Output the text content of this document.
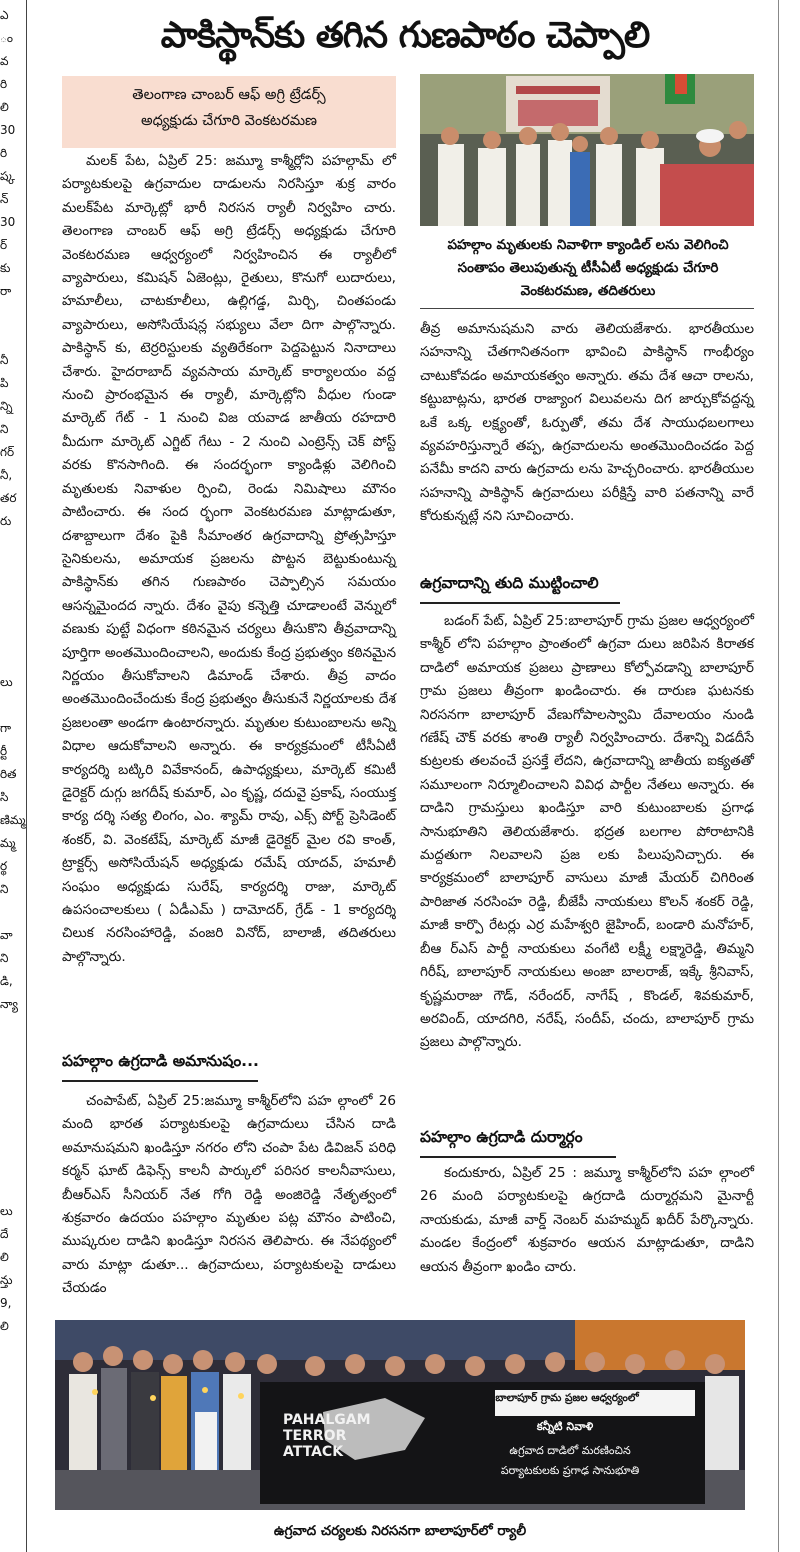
ఎ
ం
వ
రి
లి
30
రి
ష్క
న్
30
ర్
కు
రా

నీ
పి
న్ని
ని
గర్
నీ,
తర
రు

లు

గా
ర్టీ
రిత
సి
ణిమ్మ
మ్మ
ర్థ
ని

వా
ని
డి,
న్యా

లు
దే
లి
న్తు
9,
లి
పాకిస్థాన్‌కు తగిన గుణపాఠం చెప్పాలి
తెలంగాణ చాంబర్ ఆఫ్ అగ్రి ట్రేడర్స్
అధ్యక్షుడు చేగూరి వెంకటరమణ
మలక్ పేట, ఏప్రిల్ 25: జమ్మూ కాశ్మీర్లోని పహల్గామ్ లో పర్యాటకులపై ఉగ్రవాదుల దాడులను నిరసిస్తూ శుక్ర వారం మలక్‌పేట మార్కెట్లో భారీ నిరసన ర్యాలీ నిర్వహిం చారు. తెలంగాణ చాంబర్ ఆఫ్ అగ్రి ట్రేడర్స్ అధ్యక్షుడు చేగూరి వెంకటరమణ ఆధ్వర్యంలో నిర్వహించిన ఈ ర్యాలీలో వ్యాపారులు, కమిషన్ ఏజెంట్లు, రైతులు, కొనుగో లుదారులు, హమాలీలు, చాటకూలీలు, ఉల్లిగడ్డ, మిర్చి, చింతపండు వ్యాపారులు, అసోసియేషన్ల సభ్యులు వేలా దిగా పాల్గొన్నారు. పాకిస్థాన్ కు, టెర్రరిస్టులకు వ్యతిరేకంగా పెద్దపెట్టున నినాదాలు చేశారు. హైదరాబాద్ వ్యవసాయ మార్కెట్ కార్యాలయం వద్ద నుంచి ప్రారంభమైన ఈ ర్యాలీ, మార్కెట్లోని వీధుల గుండా మార్కెట్ గేట్ - 1 నుంచి విజ యవాడ జాతీయ రహదారి మీదుగా మార్కెట్ ఎగ్జిట్ గేటు - 2 నుంచి ఎంట్రెన్స్ చెక్ పోస్ట్ వరకు కొనసాగింది. ఈ సందర్భంగా క్యాండిళ్లు వెలిగించి మృతులకు నివాళుల ర్పించి, రెండు నిమిషాలు మౌనం పాటించారు. ఈ సంద ర్భంగా వెంకటరమణ మాట్లాడుతూ, దశాబ్దాలుగా దేశం పైకి సీమాంతర ఉగ్రవాదాన్ని ప్రోత్సహిస్తూ సైనికులను, అమాయక ప్రజలను పొట్టన బెట్టుకుంటున్న పాకిస్థాన్‌కు తగిన గుణపాఠం చెప్పాల్సిన సమయం ఆసన్నమైందద న్నారు. దేశం వైపు కన్నెత్తి చూడాలంటే వెన్నులో వణుకు పుట్టే విధంగా కఠినమైన చర్యలు తీసుకొని తీవ్రవాదాన్ని పూర్తిగా అంతమొందించాలని, అందుకు కేంద్ర ప్రభుత్వం కఠినమైన నిర్ణయం తీసుకోవాలని డిమాండ్ చేశారు. తీవ్ర వాదం అంతమొందించేందుకు కేంద్ర ప్రభుత్వం తీసుకునే నిర్ణయాలకు దేశ ప్రజలంతా అండగా ఉంటారన్నారు. మృతుల కుటుంబాలను అన్ని విధాల ఆదుకోవాలని అన్నారు. ఈ కార్యక్రమంలో టీసీఏటీ కార్యదర్శి బట్కిరి వివేకానంద్, ఉపాధ్యక్షులు, మార్కెట్ కమిటీ డైరెక్టర్ దుగ్గు జగదీష్ కుమార్, ఎం కృష్ణ, దదువై ప్రకాష్, సంయుక్త కార్య దర్శి సత్య లింగం, ఎం. శ్యామ్ రావు, ఎక్స్ పోర్ట్ ప్రెసిడెంట్ శంకర్, వి. వెంకటేష్, మార్కెట్ మాజీ డైరెక్టర్ మైల రవి కాంత్, ట్రాక్టర్స్ అసోసియేషన్ అధ్యక్షుడు రమేష్ యాదవ్, హమాలీ సంఘం అధ్యక్షుడు సురేష్, కార్యదర్శి రాజు, మార్కెట్ ఉపసంచాలకులు ( ఏడీఎమ్ ) దామోదర్, గ్రేడ్ - 1 కార్యదర్శి చిలుక నరసింహారెడ్డి, వంజరి వినోద్, బాలాజీ, తదితరులు పాల్గొన్నారు.
పహల్గాం ఉగ్రదాడి అమానుషం...
చంపాపేట్, ఏప్రిల్ 25:జమ్మూ కాశ్మీర్‌లోని పహ ల్గాంలో 26 మంది భారత పర్యాటకులపై ఉగ్రవాదులు చేసిన దాడి అమానుషమని ఖండిస్తూ నగరం లోని చంపా పేట డివిజన్ పరిధి కర్మన్ ఘాట్ డిఫెన్స్ కాలనీ పార్కులో పరిసర కాలనీవాసులు, బీఆర్ఎస్ సీనియర్ నేత గోగి రెడ్డి అంజిరెడ్డి నేతృత్వంలో శుక్రవారం ఉదయం పహల్గాం మృతుల పట్ల మౌనం పాటించి, ముష్కరుల దాడిని ఖండిస్తూ నిరసన తెలిపారు. ఈ నేపథ్యంలో వారు మాట్లా డుతూ... ఉగ్రవాదులు, పర్యాటకులపై దాడులు చేయడం
పహల్గాం మృతులకు నివాళిగా క్యాండిల్ లను వెలిగించి సంతాపం తెలుపుతున్న టీసీఏటీ అధ్యక్షుడు చేగూరి వెంకటరమణ, తదితరులు
తీవ్ర అమానుషమని వారు తెలియజేశారు. భారతీయుల సహనాన్ని చేతగానితనంగా భావించి పాకిస్థాన్ గాంభీర్యం చాటుకోవడం అమాయకత్వం అన్నారు. తమ దేశ ఆచా రాలను, కట్టుబాట్లను, భారత రాజ్యాంగ విలువలను దిగ జార్చుకోవద్దన్న ఒకే ఒక్క లక్ష్యంతో, ఓర్పుతో, తమ దేశ సాయుధబలగాలు వ్యవహరిస్తున్నారే తప్ప, ఉగ్రవాదులను అంతమొందించడం పెద్ద పనేమీ కాదని వారు ఉగ్రవాదు లను హెచ్చరించారు. భారతీయుల సహనాన్ని పాకిస్థాన్ ఉగ్రవాదులు పరీక్షిస్తే వారి పతనాన్ని వారే కోరుకున్నట్లే నని సూచించారు.
ఉగ్రవాదాన్ని తుది ముట్టించాలి
బడంగ్ పేట్, ఏప్రిల్ 25:బాలాపూర్ గ్రామ ప్రజల ఆధ్వర్యంలో కాశ్మీర్ లోని పహల్గాం ప్రాంతంలో ఉగ్రవా దులు జరిపిన కిరాతక దాడిలో అమాయక ప్రజలు ప్రాణాలు కోల్పోవడాన్ని బాలాపూర్ గ్రామ ప్రజలు తీవ్రంగా ఖండించారు. ఈ దారుణ ఘటనకు నిరసనగా బాలాపూర్ వేణుగోపాలస్వామి దేవాలయం నుండి గణేష్ చౌక్ వరకు శాంతి ర్యాలీ నిర్వహించారు. దేశాన్ని విడదీసే కుట్రలకు తలవంచే ప్రసక్తే లేదని, ఉగ్రవాదాన్ని జాతీయ ఐక్యతతో సమూలంగా నిర్మూలించాలని వివిధ పార్టీల నేతలు అన్నారు. ఈ దాడిని గ్రామస్తులు ఖండిస్తూ వారి కుటుంబాలకు ప్రగాఢ సానుభూతిని తెలియజేశారు. భద్రత బలగాల పోరాటానికి మద్దతుగా నిలవాలని ప్రజ లకు పిలుపునిచ్చారు. ఈ కార్యక్రమంలో బాలాపూర్ వాసులు మాజీ మేయర్ చిగిరింత పారిజాత నరసింహ రెడ్డి, బీజేపీ నాయకులు కొలన్ శంకర్ రెడ్డి, మాజీ కార్పొ రేటర్లు ఎర్ర మహేశ్వరి జైహింద్, బండారి మనోహర్, బీఆ ర్ఎస్ పార్టీ నాయకులు వంగేటి లక్ష్మీ లక్ష్మారెడ్డి, తిమ్మని గిరీష్, బాలాపూర్ నాయకులు అంజా బాలరాజ్, ఇక్కే శ్రీనివాస్, కృష్ణమరాజు గౌడ్, నరేందర్, నాగేష్ , కొండల్, శివకుమార్, అరవింద్, యాదగిరి, నరేష్, సందీప్, చందు, బాలాపూర్ గ్రామ ప్రజలు పాల్గొన్నారు.
పహల్గాం ఉగ్రదాడి దుర్మార్గం
కందుకూరు, ఏప్రిల్ 25 : జమ్మూ కాశ్మీర్‌లోని పహ ల్గాంలో 26 మంది పర్యాటకులపై ఉగ్రదాడి దుర్మార్గమని మైనార్టీ నాయకుడు, మాజీ వార్డ్ నెంబర్ మహమ్మద్ ఖదీర్ పేర్కొన్నారు. మండల కేంద్రంలో శుక్రవారం ఆయన మాట్లాడుతూ, దాడిని ఆయన తీవ్రంగా ఖండిం చారు.
PAHALGAM TERROR ATTACK
బాలాపూర్ గ్రామ ప్రజల ఆధ్వర్యంలో
కన్నీటి నివాళి
ఉగ్రవాద దాడిలో మరణించిన
పర్యాటకులకు ప్రగాఢ సానుభూతి
ఉగ్రవాద చర్యలకు నిరసనగా బాలాపూర్‌లో ర్యాలీ
